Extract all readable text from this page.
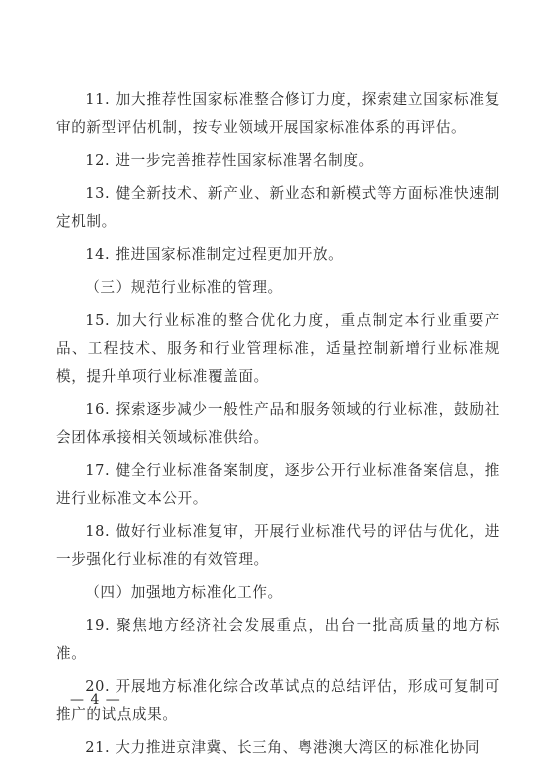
11. 加大推荐性国家标准整合修订力度，探索建立国家标准复审的新型评估机制，按专业领域开展国家标准体系的再评估。

12. 进一步完善推荐性国家标准署名制度。

13. 健全新技术、新产业、新业态和新模式等方面标准快速制定机制。

14. 推进国家标准制定过程更加开放。

（三）规范行业标准的管理。

15. 加大行业标准的整合优化力度，重点制定本行业重要产品、工程技术、服务和行业管理标准，适量控制新增行业标准规模，提升单项行业标准覆盖面。

16. 探索逐步减少一般性产品和服务领域的行业标准，鼓励社会团体承接相关领域标准供给。

17. 健全行业标准备案制度，逐步公开行业标准备案信息，推进行业标准文本公开。

18. 做好行业标准复审，开展行业标准代号的评估与优化，进一步强化行业标准的有效管理。

（四）加强地方标准化工作。

19. 聚焦地方经济社会发展重点，出台一批高质量的地方标准。

20. 开展地方标准化综合改革试点的总结评估，形成可复制可推广的试点成果。

21. 大力推进京津冀、长三角、粤港澳大湾区的标准化协同

— 4 —
